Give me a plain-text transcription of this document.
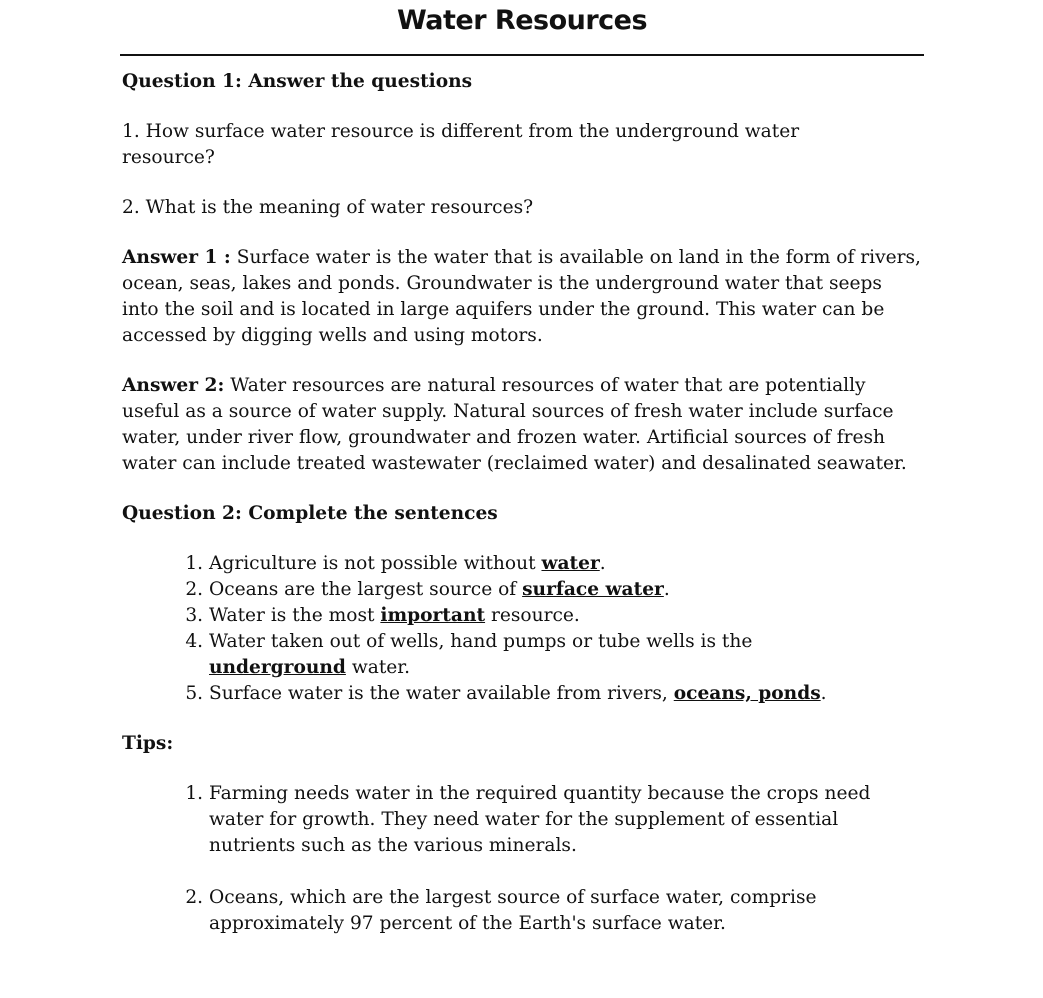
Water Resources

Question 1: Answer the questions

1. How surface water resource is different from the underground water resource?

2. What is the meaning of water resources?

Answer 1 : Surface water is the water that is available on land in the form of rivers, ocean, seas, lakes and ponds. Groundwater is the underground water that seeps into the soil and is located in large aquifers under the ground. This water can be accessed by digging wells and using motors.

Answer 2: Water resources are natural resources of water that are potentially useful as a source of water supply. Natural sources of fresh water include surface water, under river flow, groundwater and frozen water. Artificial sources of fresh water can include treated wastewater (reclaimed water) and desalinated seawater.

Question 2: Complete the sentences

1. Agriculture is not possible without water.
2. Oceans are the largest source of surface water.
3. Water is the most important resource.
4. Water taken out of wells, hand pumps or tube wells is the underground water.
5. Surface water is the water available from rivers, oceans, ponds.

Tips:

1. Farming needs water in the required quantity because the crops need water for growth. They need water for the supplement of essential nutrients such as the various minerals.
2. Oceans, which are the largest source of surface water, comprise approximately 97 percent of the Earth's surface water.
